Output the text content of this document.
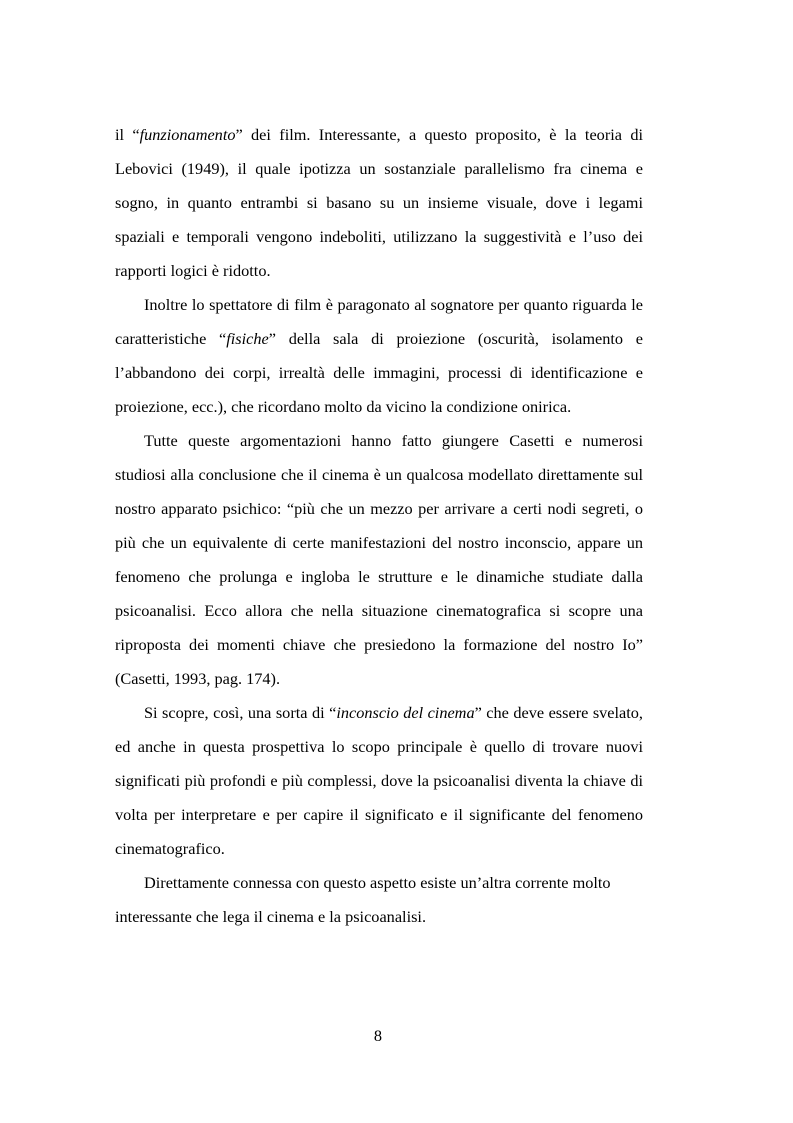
il “funzionamento” dei film. Interessante, a questo proposito, è la teoria di Lebovici (1949), il quale ipotizza un sostanziale parallelismo fra cinema e sogno, in quanto entrambi si basano su un insieme visuale, dove i legami spaziali e temporali vengono indeboliti, utilizzano la suggestività e l’uso dei rapporti logici è ridotto.

Inoltre lo spettatore di film è paragonato al sognatore per quanto riguarda le caratteristiche “fisiche” della sala di proiezione (oscurità, isolamento e l’abbandono dei corpi, irrealtà delle immagini, processi di identificazione e proiezione, ecc.), che ricordano molto da vicino la condizione onirica.

Tutte queste argomentazioni hanno fatto giungere Casetti e numerosi studiosi alla conclusione che il cinema è un qualcosa modellato direttamente sul nostro apparato psichico: “più che un mezzo per arrivare a certi nodi segreti, o più che un equivalente di certe manifestazioni del nostro inconscio, appare un fenomeno che prolunga e ingloba le strutture e le dinamiche studiate dalla psicoanalisi. Ecco allora che nella situazione cinematografica si scopre una riproposta dei momenti chiave che presiedono la formazione del nostro Io” (Casetti, 1993, pag. 174).

Si scopre, così, una sorta di “inconscio del cinema” che deve essere svelato, ed anche in questa prospettiva lo scopo principale è quello di trovare nuovi significati più profondi e più complessi, dove la psicoanalisi diventa la chiave di volta per interpretare e per capire il significato e il significante del fenomeno cinematografico.

Direttamente connessa con questo aspetto esiste un’altra corrente molto interessante che lega il cinema e la psicoanalisi.

8
